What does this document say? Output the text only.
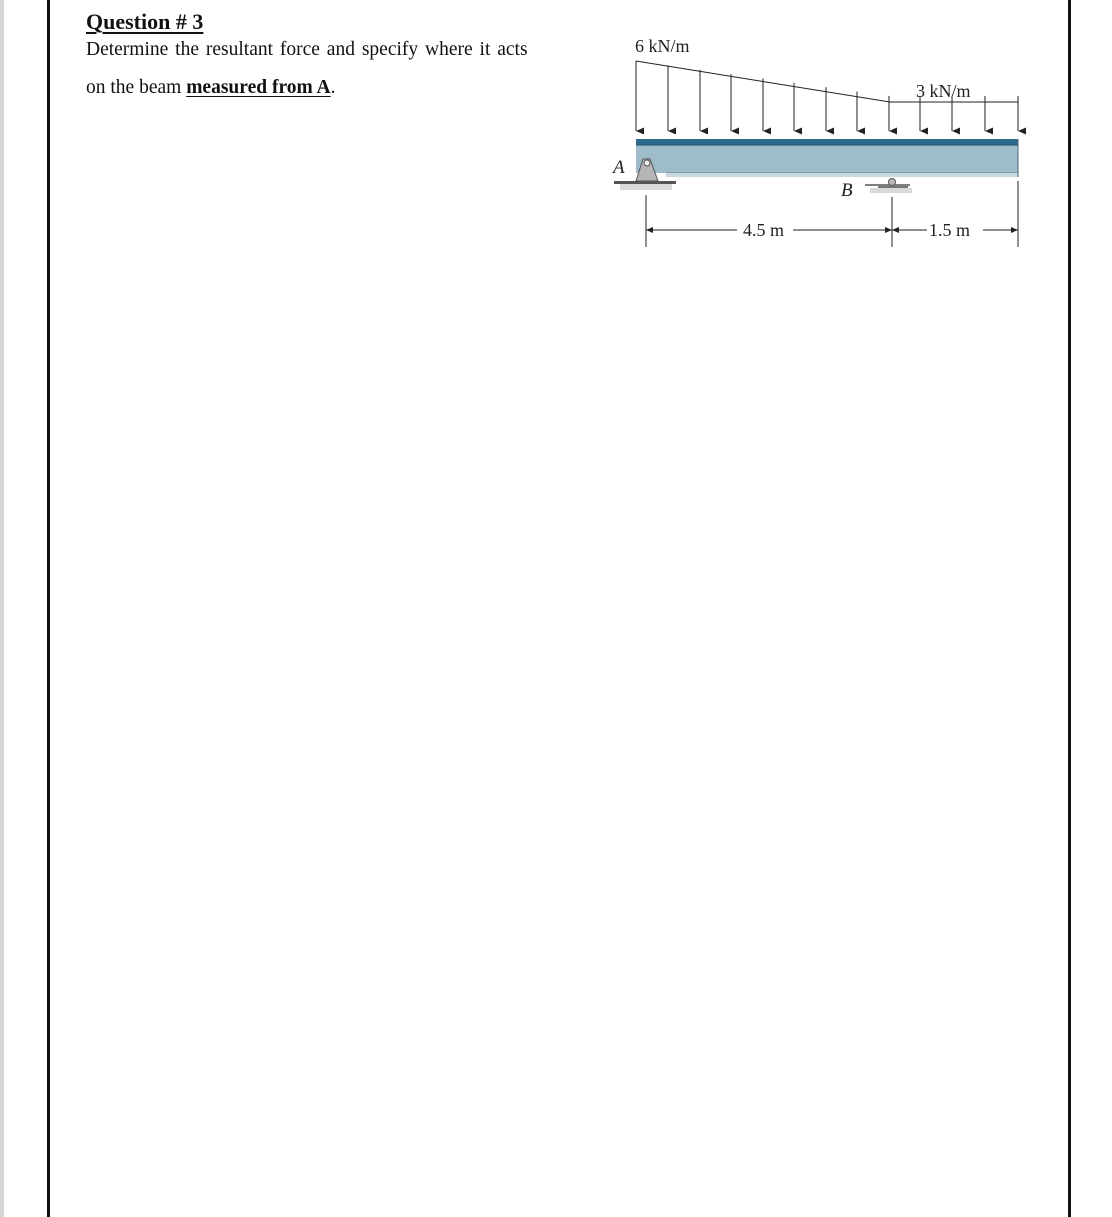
Question # 3

Determine the resultant force and specify where it acts

on the beam measured from A.

A
B
6 kN/m
3 kN/m
4.5 m	1.5 m
